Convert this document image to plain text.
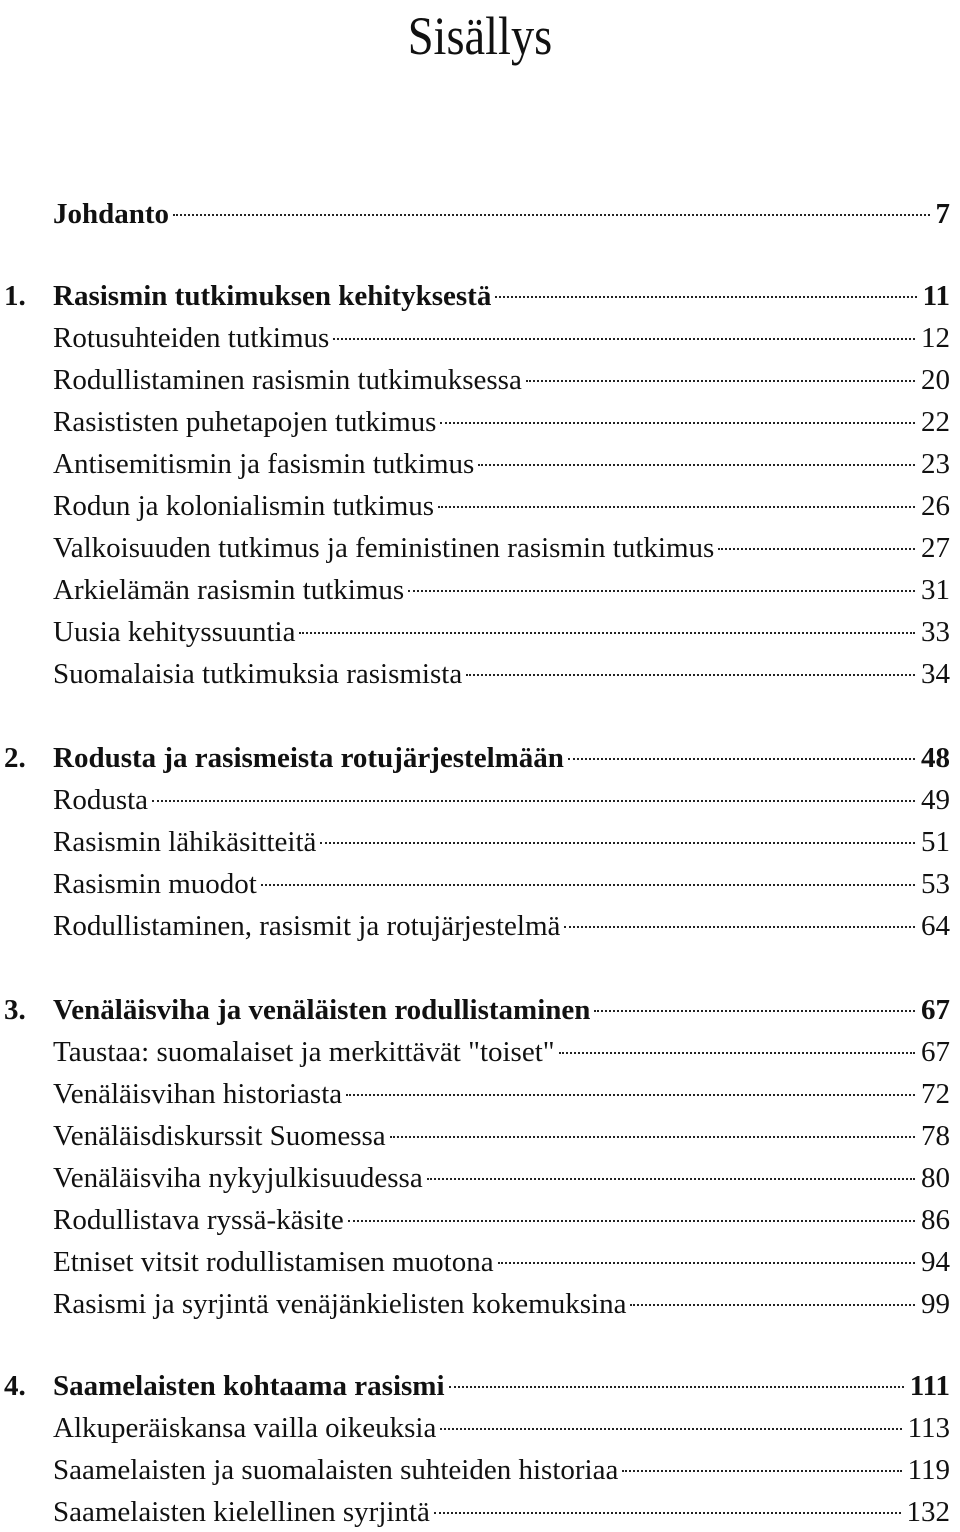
Sisällys
Johdanto	7
1. Rasismin tutkimuksen kehityksestä	11
Rotusuhteiden tutkimus	12
Rodullistaminen rasismin tutkimuksessa	20
Rasististen puhetapojen tutkimus	22
Antisemitismin ja fasismin tutkimus	23
Rodun ja kolonialismin tutkimus	26
Valkoisuuden tutkimus ja feministinen rasismin tutkimus	27
Arkielämän rasismin tutkimus	31
Uusia kehityssuuntia	33
Suomalaisia tutkimuksia rasismista	34
2. Rodusta ja rasismeista rotujärjestelmään	48
Rodusta	49
Rasismin lähikäsitteitä	51
Rasismin muodot	53
Rodullistaminen, rasismit ja rotujärjestelmä	64
3. Venäläisviha ja venäläisten rodullistaminen	67
Taustaa: suomalaiset ja merkittävät "toiset"	67
Venäläisvihan historiasta	72
Venäläisdiskurssit Suomessa	78
Venäläisviha nykyjulkisuudessa	80
Rodullistava ryssä-käsite	86
Etniset vitsit rodullistamisen muotona	94
Rasismi ja syrjintä venäjänkielisten kokemuksina	99
4. Saamelaisten kohtaama rasismi	111
Alkuperäiskansa vailla oikeuksia	113
Saamelaisten ja suomalaisten suhteiden historiaa	119
Saamelaisten kielellinen syrjintä	132
